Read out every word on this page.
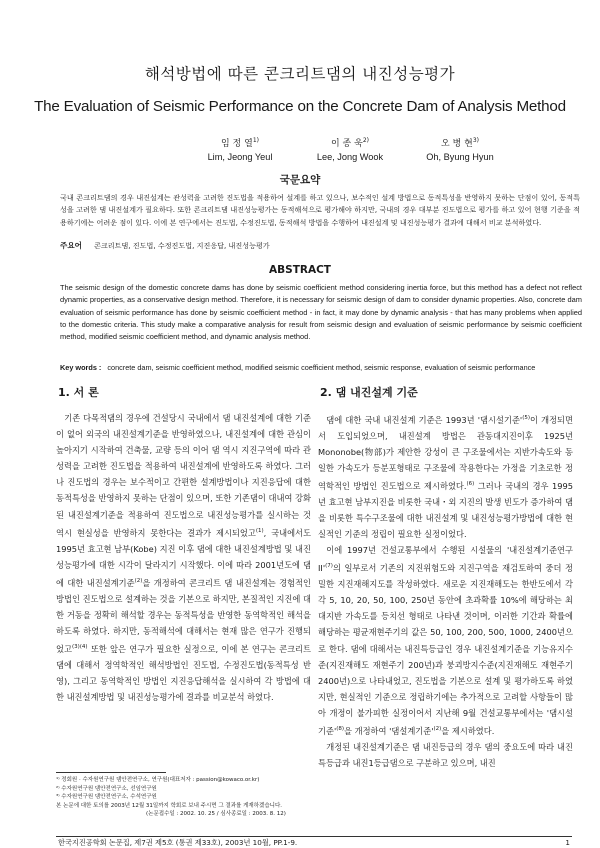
해석방법에 따른 콘크리트댐의 내진성능평가
The Evaluation of Seismic Performance on the Concrete Dam of Analysis Method
임 정 열$^{1)}$
Lim, Jeong Yeul
이 종 욱$^{2)}$
Lee, Jong Wook
오 병 현$^{3)}$
Oh, Byung Hyun
국문요약
국내 콘크리트댐의 경우 내진설계는 관성력을 고려한 진도법을 적용하여 설계를 하고 있으나, 보수적인 설계 방법으로 동적특성을 반영하지 못하는 단점이 있어, 동적특성을 고려한 댐 내진설계가 필요하다. 또한 콘크리트댐 내진성능평가는 동적해석으로 평가해야 하지만, 국내의 경우 대부분 진도법으로 평가를 하고 있어 현행 기준을 적용하기에는 어려운 점이 있다. 이에 본 연구에서는 진도법, 수정진도법, 동적해석 방법을 수행하여 내진설계 및 내진성능평가 결과에 대해서 비교 분석하였다.
주요어 콘크리트댐, 진도법, 수정진도법, 지진응답, 내진성능평가
ABSTRACT
The seismic design of the domestic concrete dams has done by seismic coefficient method considering inertia force, but this method has a defect not reflect dynamic properties, as a conservative design method. Therefore, it is necessary for seismic design of dam to consider dynamic properties. Also, concrete dam evaluation of seismic performance has done by seismic coefficient method - in fact, it may done by dynamic analysis - that has many problems when applied to the domestic criteria. This study make a comparative analysis for result from seismic design and evaluation of seismic performance by seismic coefficient method, modified seismic coefficient method, and dynamic analysis method.
Key words : concrete dam, seismic coefficient method, modified seismic coefficient method, seismic response, evaluation of seismic performance
1. 서 론

기존 다목적댐의 경우에 건설당시 국내에서 댐 내진설계에 대한 기준이 없어 외국의 내진설계기준을 반영하였으나, 내진설계에 대한 관심이 높아지기 시작하여 건축물, 교량 등의 이어 댐 역시 지진구역에 따라 관성력을 고려한 진도법을 적용하여 내진설계에 반영하도록 하였다. 그러나 진도법의 경우는 보수적이고 간편한 설계방법이나 지진응답에 대한 동적특성을 반영하지 못하는 단점이 있으며, 또한 기존댐이 대내여 강화된 내진설계기준을 적용하여 진도법으로 내진성능평가를 실시하는 것 역시 현실성을 반영하지 못한다는 결과가 제시되었고$^{(1)}$, 국내에서도 1995년 효고현 남부(Kobe) 지진 이후 댐에 대한 내진설계방법 및 내진성능평가에 대한 시각이 달라지기 시작했다. 이에 따라 2001년도에 댐에 대한 내진설계기준$^{(2)}$을 개정하여 콘크리트 댐 내진설계는 경험적인 방법인 진도법으로 설계하는 것을 기본으로 하지만, 본질적인 지진에 대한 거동을 정확히 해석할 경우는 동적특성을 반영한 동역학적인 해석을 하도록 하였다. 하지만, 동적해석에 대해서는 현재 많은 연구가 진행되었고$^{(3)(4)}$ 또한 앞은 연구가 필요한 실정으로, 이에 본 연구는 콘크리트댐에 대해서 정역학적인 해석방법인 진도법, 수정진도법(동적특성 반영), 그리고 동역학적인 방법인 지진응답해석을 실시하여 각 방법에 대한 내진설계방법 및 내진성능평가에 결과를 비교분석 하였다.

2. 댐 내진설계 기준

댐에 대한 국내 내진설계 기준은 1993년 '댐시설기준'$^{(5)}$이 개정되면서 도입되었으며, 내진설계 방법은 관동대지진이후 1925년 Mononobe(物部)가 제안한 강성이 큰 구조물에서는 지반가속도와 동일한 가속도가 등분포형태로 구조물에 작용한다는 가정을 기초로한 정역학적인 방법인 진도법으로 제시하였다.$^{(6)}$ 그러나 국내의 경우 1995년 효고현 남부지진을 비롯한 국내・외 지진의 발생 빈도가 증가하여 댐을 비롯한 특수구조물에 대한 내진설계 및 내진성능평가방법에 대한 현실적인 기준의 정립이 필요한 실정이었다.

이에 1997년 건설교통부에서 수행된 시설물의 '내진설계기준연구$II'^{(7)}$의 일부로서 기존의 지진위험도와 지진구역을 재검토하여 중더 정밀한 지진재해지도를 작성하였다. 새로운 지진재해도는 한반도에서 각각 5, 10, 20, 50, 100, 250년 동안에 초과확률 10%에 해당하는 최대지반 가속도를 등치선 형태로 나타낸 것이며, 이러한 기간과 확률에 해당하는 평균재현주기의 값은 50, 100, 200, 500, 1000, 2400년으로 한다. 댐에 대해서는 내진특등급인 경우 내진설계기준을 기능유지수준(지진재해도 재현주기 200년)과 붕괴방지수준(지진재해도 재현주기 2400년)으로 나타내었고, 진도법을 기본으로 설계 및 평가하도록 하였지만, 현실적인 기준으로 정립하기에는 추가적으로 고려할 사항들이 많아 개정이 불가피한 실정이어서 지난해 9월 건설교통부에서는 '댐시설기준'$^{(8)}$을 개정하여 '댐설계기준'$^{(2)}$을 제시하였다.

개정된 내진설계기준은 댐 내진등급의 경우 댐의 중요도에 따라 내진특등급과 내진1등급댐으로 구분하고 있으며, 내진

¹⁾ 정회원 · 수자원연구원 댐안전연구소, 연구원(대표저자 : passion@kowaco.or.kr)
²⁾ 수자원연구원 댐안전연구소, 선임연구원
³⁾ 수자원연구원 댐안전연구소, 수석연구원
본 논문에 대한 토의를 2003년 12월 31일까지 학회로 보내 주시면 그 결과를 게재하겠습니다.
(논문접수일 : 2002. 10. 25 / 심사종료일 : 2003. 8. 12)
한국지진공학회 논문집, 제7권 제5호 (통권 제33호), 2003년 10월, PP.1-9.	1
